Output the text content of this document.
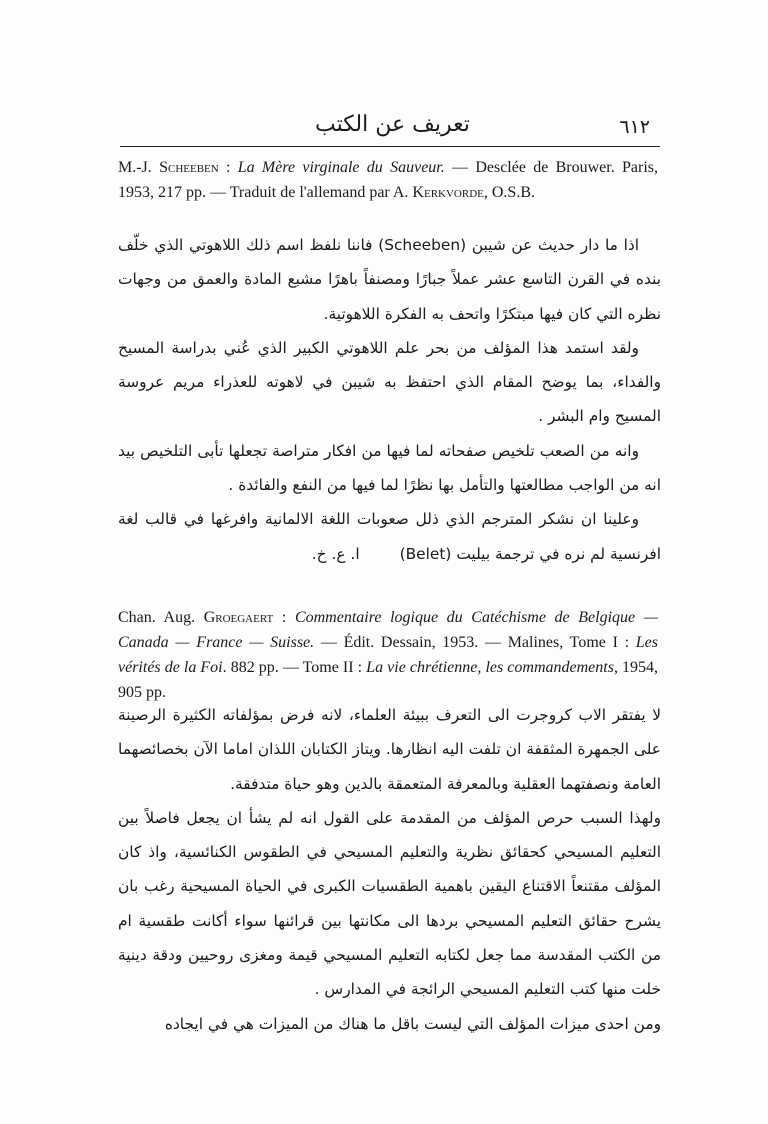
٦١٢
تعريف عن الكتب
M.-J. Scheeben : La Mère virginale du Sauveur. — Desclée de Brouwer. Paris, 1953, 217 pp. — Traduit de l'allemand par A. Kerkvorde, O.S.B.

اذا ما دار حديث عن شيبن (Scheeben) فاننا نلفظ اسم ذلك اللاهوتي الذي خلّف بنده في القرن التاسع عشر عملاً جبارًا ومصنفاً باهرًا مشبع المادة والعمق من وجهات نظره التي كان فيها مبتكرًا واتحف به الفكرة اللاهوتية.

ولقد استمد هذا المؤلف من بحر علم اللاهوتي الكبير الذي عُني بدراسة المسيح والفداء، بما يوضح المقام الذي احتفظ به شيبن في لاهوته للعذراء مريم عروسة المسيح وام البشر .

وانه من الصعب تلخيص صفحاته لما فيها من افكار متراصة تجعلها تأبى التلخيص بيد انه من الواجب مطالعتها والتأمل بها نظرًا لما فيها من النفع والفائدة .

وعلينا ان نشكر المترجم الذي ذلل صعوبات اللغة الالمانية وافرغها في قالب لغة افرنسية لم نره في ترجمة بيليت (Belet)ا. ع. خ.

Chan. Aug. Groegaert : Commentaire logique du Catéchisme de Belgique — Canada — France — Suisse. — Édit. Dessain, 1953. — Malines, Tome I : Les vérités de la Foi. 882 pp. — Tome II : La vie chrétienne, les commandements, 1954, 905 pp.

لا يفتقر الاب كروجرت الى التعرف ببيئة العلماء، لانه فرض بمؤلفاته الكثيرة الرصينة على الجمهرة المثقفة ان تلفت اليه انظارها. ويتاز الكتابان اللذان اماما الآن بخصائصهما العامة ونصفتهما العقلية وبالمعرفة المتعمقة بالدين وهو حياة متدفقة.

ولهذا السبب حرص المؤلف من المقدمة على القول انه لم يشأ ان يجعل فاصلاً بين التعليم المسيحي كحقائق نظرية والتعليم المسيحي في الطقوس الكنائسية، واذ كان المؤلف مقتنعاً الاقتناع اليقين باهمية الطقسيات الكبرى في الحياة المسيحية رغب بان يشرح حقائق التعليم المسيحي بردها الى مكانتها بين قرائنها سواء أكانت طقسية ام من الكتب المقدسة مما جعل لكتابه التعليم المسيحي قيمة ومغزى روحيين ودقة دينية خلت منها كتب التعليم المسيحي الرائجة في المدارس .

ومن احدى ميزات المؤلف التي ليست باقل ما هناك من الميزات هي في ايجاده
